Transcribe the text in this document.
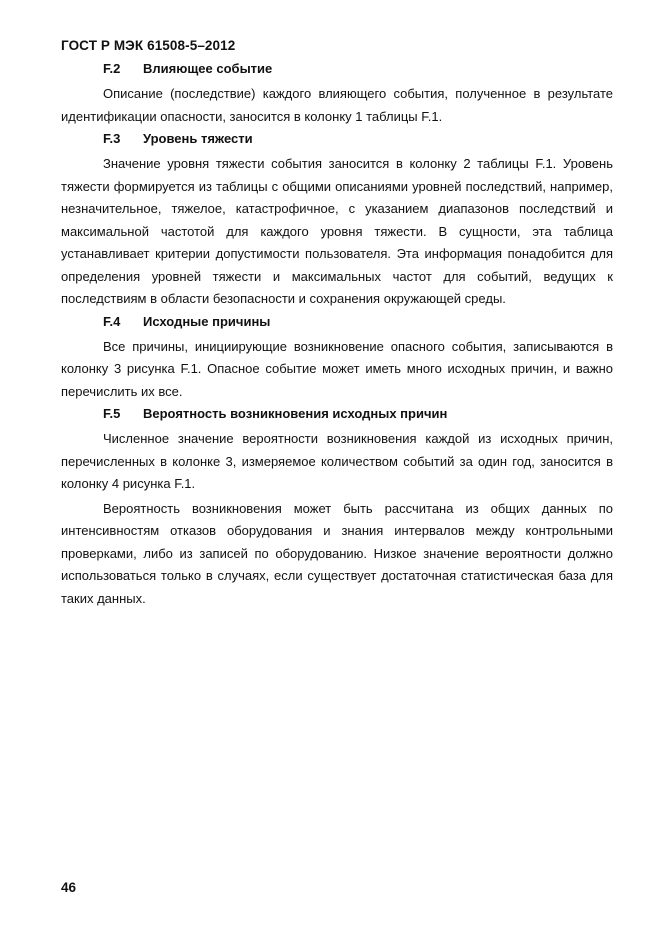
ГОСТ Р МЭК 61508-5–2012
F.2 Влияющее событие

Описание (последствие) каждого влияющего события, полученное в результате идентификации опасности, заносится в колонку 1 таблицы F.1.

F.3 Уровень тяжести

Значение уровня тяжести события заносится в колонку 2 таблицы F.1. Уровень тяжести формируется из таблицы с общими описаниями уровней последствий, например, незначительное, тяжелое, катастрофичное, с указанием диапазонов последствий и максимальной частотой для каждого уровня тяжести. В сущности, эта таблица устанавливает критерии допустимости пользователя. Эта информация понадобится для определения уровней тяжести и максимальных частот для событий, ведущих к последствиям в области безопасности и сохранения окружающей среды.

F.4 Исходные причины

Все причины, инициирующие возникновение опасного события, записываются в колонку 3 рисунка F.1. Опасное событие может иметь много исходных причин, и важно перечислить их все.

F.5 Вероятность возникновения исходных причин

Численное значение вероятности возникновения каждой из исходных причин, перечисленных в колонке 3, измеряемое количеством событий за один год, заносится в колонку 4 рисунка F.1.

Вероятность возникновения может быть рассчитана из общих данных по интенсивностям отказов оборудования и знания интервалов между контрольными проверками, либо из записей по оборудованию. Низкое значение вероятности должно использоваться только в случаях, если существует достаточная статистическая база для таких данных.

46
